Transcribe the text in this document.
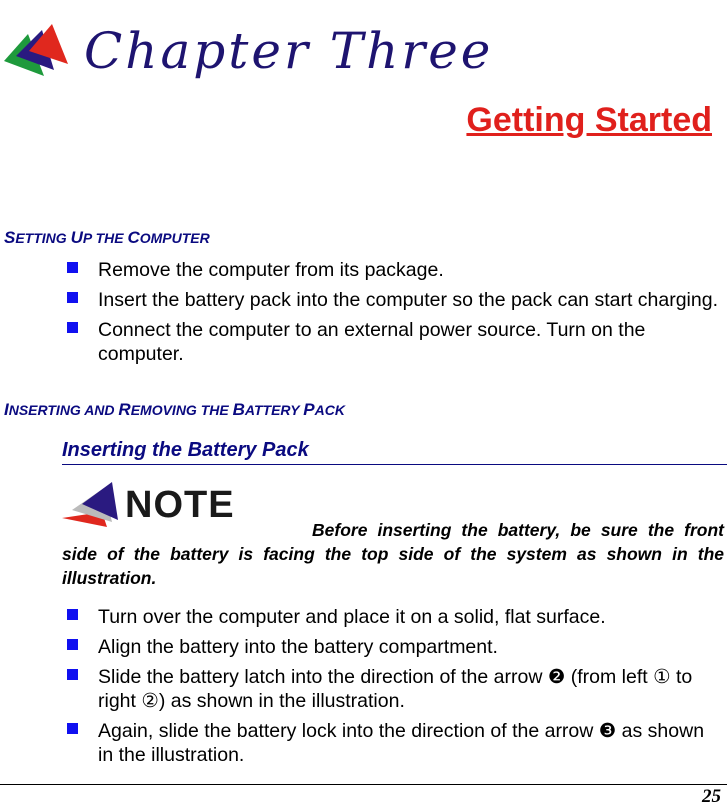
Chapter Three
Getting Started
SETTING UP THE COMPUTER
Remove the computer from its package.
Insert the battery pack into the computer so the pack can start charging.
Connect the computer to an external power source. Turn on the computer.
INSERTING AND REMOVING THE BATTERY PACK
Inserting the Battery Pack
NOTE
Before inserting the battery, be sure the front side of the battery is facing the top side of the system as shown in the illustration.
Turn over the computer and place it on a solid, flat surface.
Align the battery into the battery compartment.
Slide the battery latch into the direction of the arrow ❷ (from left ① to right ②) as shown in the illustration.
Again, slide the battery lock into the direction of the arrow ❸ as shown in the illustration.
25
